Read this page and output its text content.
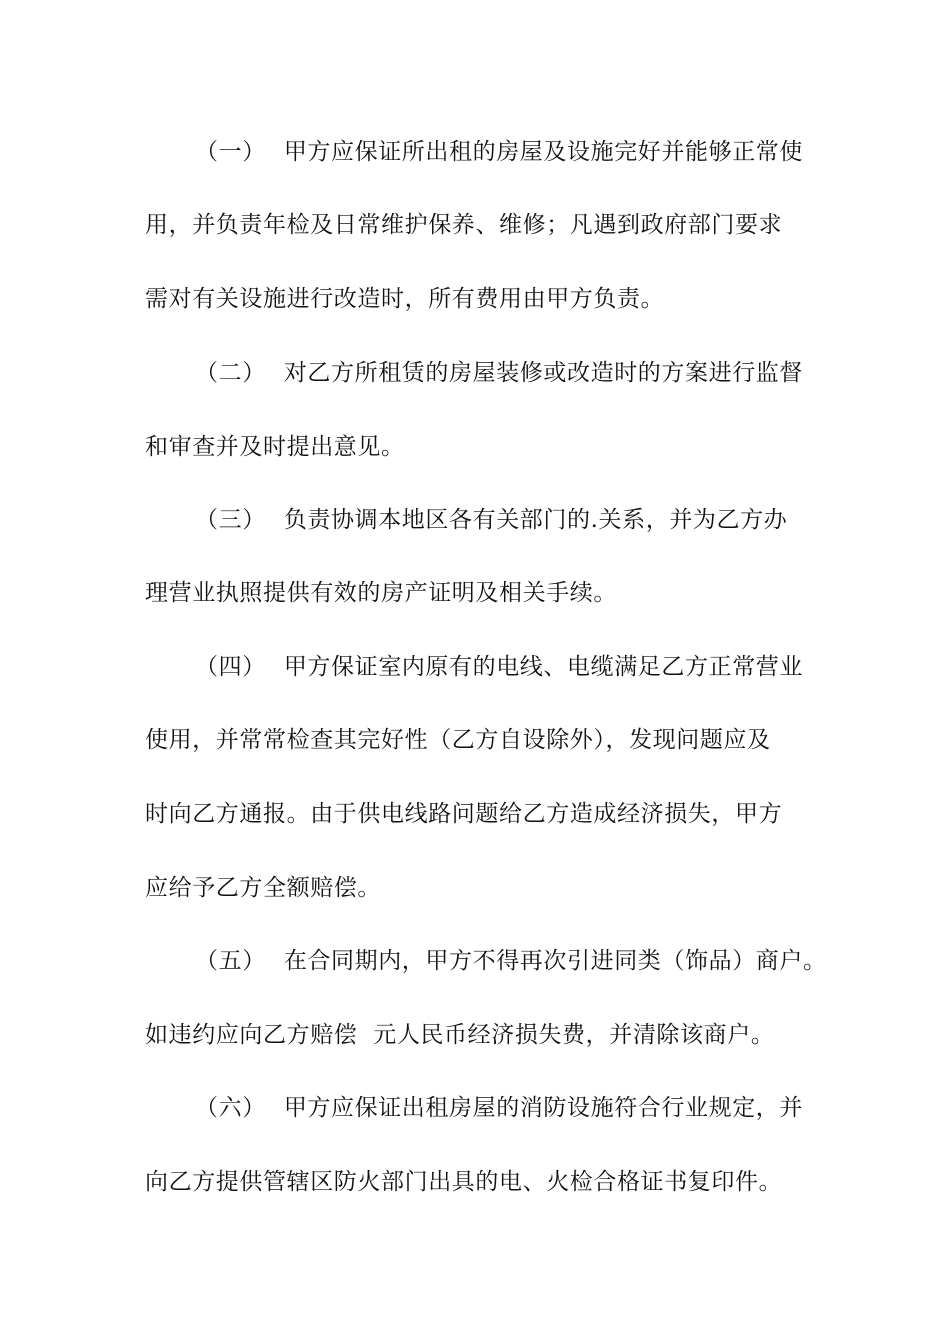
（一） 甲方应保证所出租的房屋及设施完好并能够正常使
用，并负责年检及日常维护保养、维修；凡遇到政府部门要求
需对有关设施进行改造时，所有费用由甲方负责。
（二） 对乙方所租赁的房屋装修或改造时的方案进行监督
和审查并及时提出意见。
（三） 负责协调本地区各有关部门的.关系，并为乙方办
理营业执照提供有效的房产证明及相关手续。
（四） 甲方保证室内原有的电线、电缆满足乙方正常营业
使用，并常常检查其完好性（乙方自设除外），发现问题应及
时向乙方通报。由于供电线路问题给乙方造成经济损失，甲方
应给予乙方全额赔偿。
（五） 在合同期内，甲方不得再次引进同类（饰品）商户。
如违约应向乙方赔偿  元人民币经济损失费，并清除该商户。
（六） 甲方应保证出租房屋的消防设施符合行业规定，并
向乙方提供管辖区防火部门出具的电、火检合格证书复印件。
